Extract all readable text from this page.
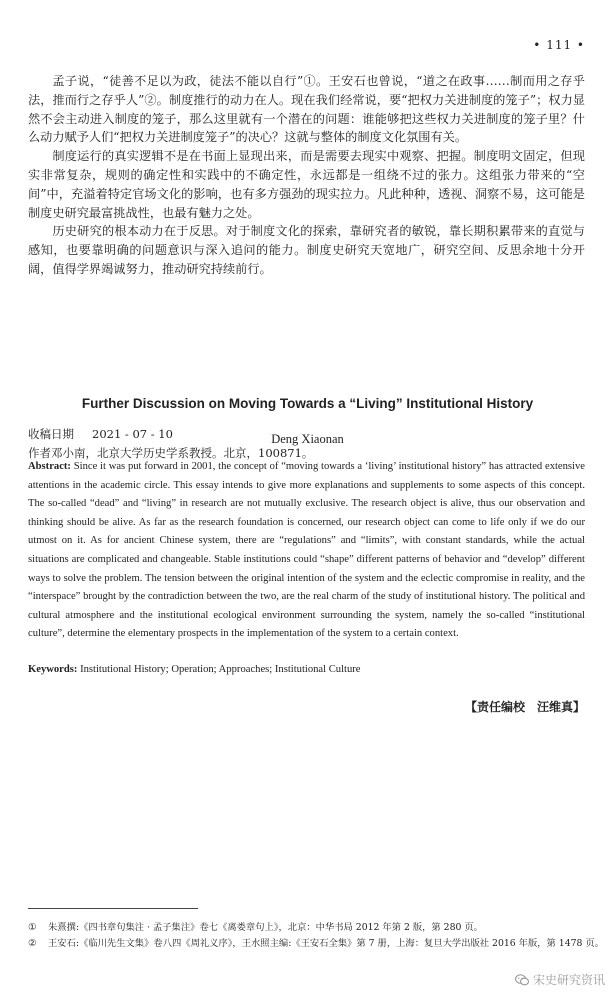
• 111 •

孟子说，“徒善不足以为政，徒法不能以自行”①。王安石也曾说，“道之在政事……制而用之存乎法，推而行之存乎人”②。制度推行的动力在人。现在我们经常说，要“把权力关进制度的笼子”；权力显然不会主动进入制度的笼子，那么这里就有一个潜在的问题：谁能够把这些权力关进制度的笼子里？什么动力赋予人们“把权力关进制度笼子”的决心？这就与整体的制度文化氛围有关。

制度运行的真实逻辑不是在书面上显现出来，而是需要去现实中观察、把握。制度明文固定，但现实非常复杂，规则的确定性和实践中的不确定性，永远都是一组绕不过的张力。这组张力带来的“空间”中，充溢着特定官场文化的影响，也有多方强劲的现实拉力。凡此种种，透视、洞察不易，这可能是制度史研究最富挑战性，也最有魅力之处。

历史研究的根本动力在于反思。对于制度文化的探索，靠研究者的敏锐，靠长期积累带来的直觉与感知，也要靠明确的问题意识与深入追问的能力。制度史研究天宽地广，研究空间、反思余地十分开阔，值得学界竭诚努力，推动研究持续前行。

收稿日期 2021 - 07 - 10
作者邓小南，北京大学历史学系教授。北京，100871。
Further Discussion on Moving Towards a “Living” Institutional History
Deng Xiaonan
Abstract: Since it was put forward in 2001, the concept of “moving towards a ‘living’ institutional history” has attracted extensive attentions in the academic circle. This essay intends to give more explanations and supplements to some aspects of this concept. The so-called “dead” and “living” in research are not mutually exclusive. The research object is alive, thus our observation and thinking should be alive. As far as the research foundation is concerned, our research object can come to life only if we do our utmost on it. As for ancient Chinese system, there are “regulations” and “limits”, with constant standards, while the actual situations are complicated and changeable. Stable institutions could “shape” different patterns of behavior and “develop” different ways to solve the problem. The tension between the original intention of the system and the eclectic compromise in reality, and the “interspace” brought by the contradiction between the two, are the real charm of the study of institutional history. The political and cultural atmosphere and the institutional ecological environment surrounding the system, namely the so-called “institutional culture”, determine the elementary prospects in the implementation of the system to a certain context.
Keywords: Institutional History; Operation; Approaches; Institutional Culture
【责任编校　汪维真】
① 朱熹撰:《四书章句集注 · 孟子集注》卷七《离娄章句上》，北京：中华书局 2012 年第 2 版，第 280 页。
② 王安石:《临川先生文集》卷八四《周礼义序》，王水照主编:《王安石全集》第 7 册，上海：复旦大学出版社 2016 年版，第 1478 页。
宋史研究资讯
